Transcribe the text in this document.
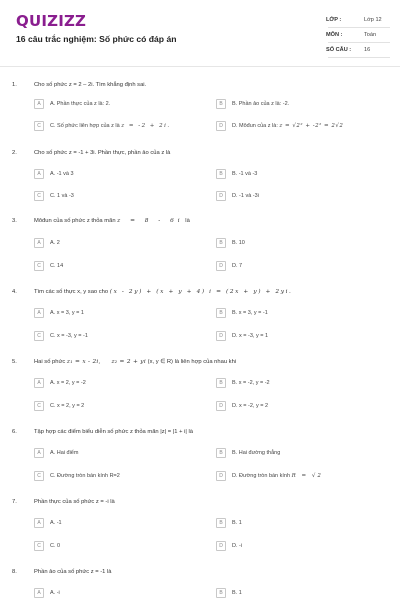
QUIZIZZ
16 câu trắc nghiệm: Số phức có đáp án
LỚP :	Lớp 12
MÔN :	Toán
SỐ CÂU : 16
1.	Cho số phức z = 2 – 2i. Tìm khẳng định sai.
A	A. Phần thực của z là: 2.	B	B. Phần ảo của z là: -2.
C	C. Số phức liên hợp của z là z = -2 + 2i.	D	D. Môđun của z là: z = √2² + -2² = 2√2
2.	Cho số phức z = -1 + 3i. Phần thực, phần ảo của z là
A	A. -1 và 3	B	B. -1 và -3
C	C. 1 và -3	D	D. -1 và -3i
3.	Môđun của số phức z thỏa mãn z = 8 - 6i là
A	A. 2	B	B. 10
C	C. 14	D	D. 7
4.	Tìm các số thực x, y sao cho (x - 2y) + (x + y + 4) i = (2x + y) + 2yi.
A	A. x = 3, y = 1	B	B. x = 3, y = -1
C	C. x = -3, y = -1	D	D. x = -3, y = 1
5.	Hai số phức z₁ = x - 2i,     z₂ = 2 + yi (x, y ∈ R) là liên hợp của nhau khi
A	A. x = 2, y = -2	B	B. x = -2, y = -2
C	C. x = 2, y = 2	D	D. x = -2, y = 2
6.	Tập hợp các điểm biểu diễn số phức z thỏa mãn |z| = |1 + i| là
A	A. Hai điểm	B	B. Hai đường thẳng
C	C. Đường tròn bán kính R=2	D	D. Đường tròn bán kính R = √2
7.	Phần thực của số phức z = -i là
A	A. -1	B	B. 1
C	C. 0	D	D. -i
8.	Phần ảo của số phức z = -1 là
A	A. -i	B	B. 1
